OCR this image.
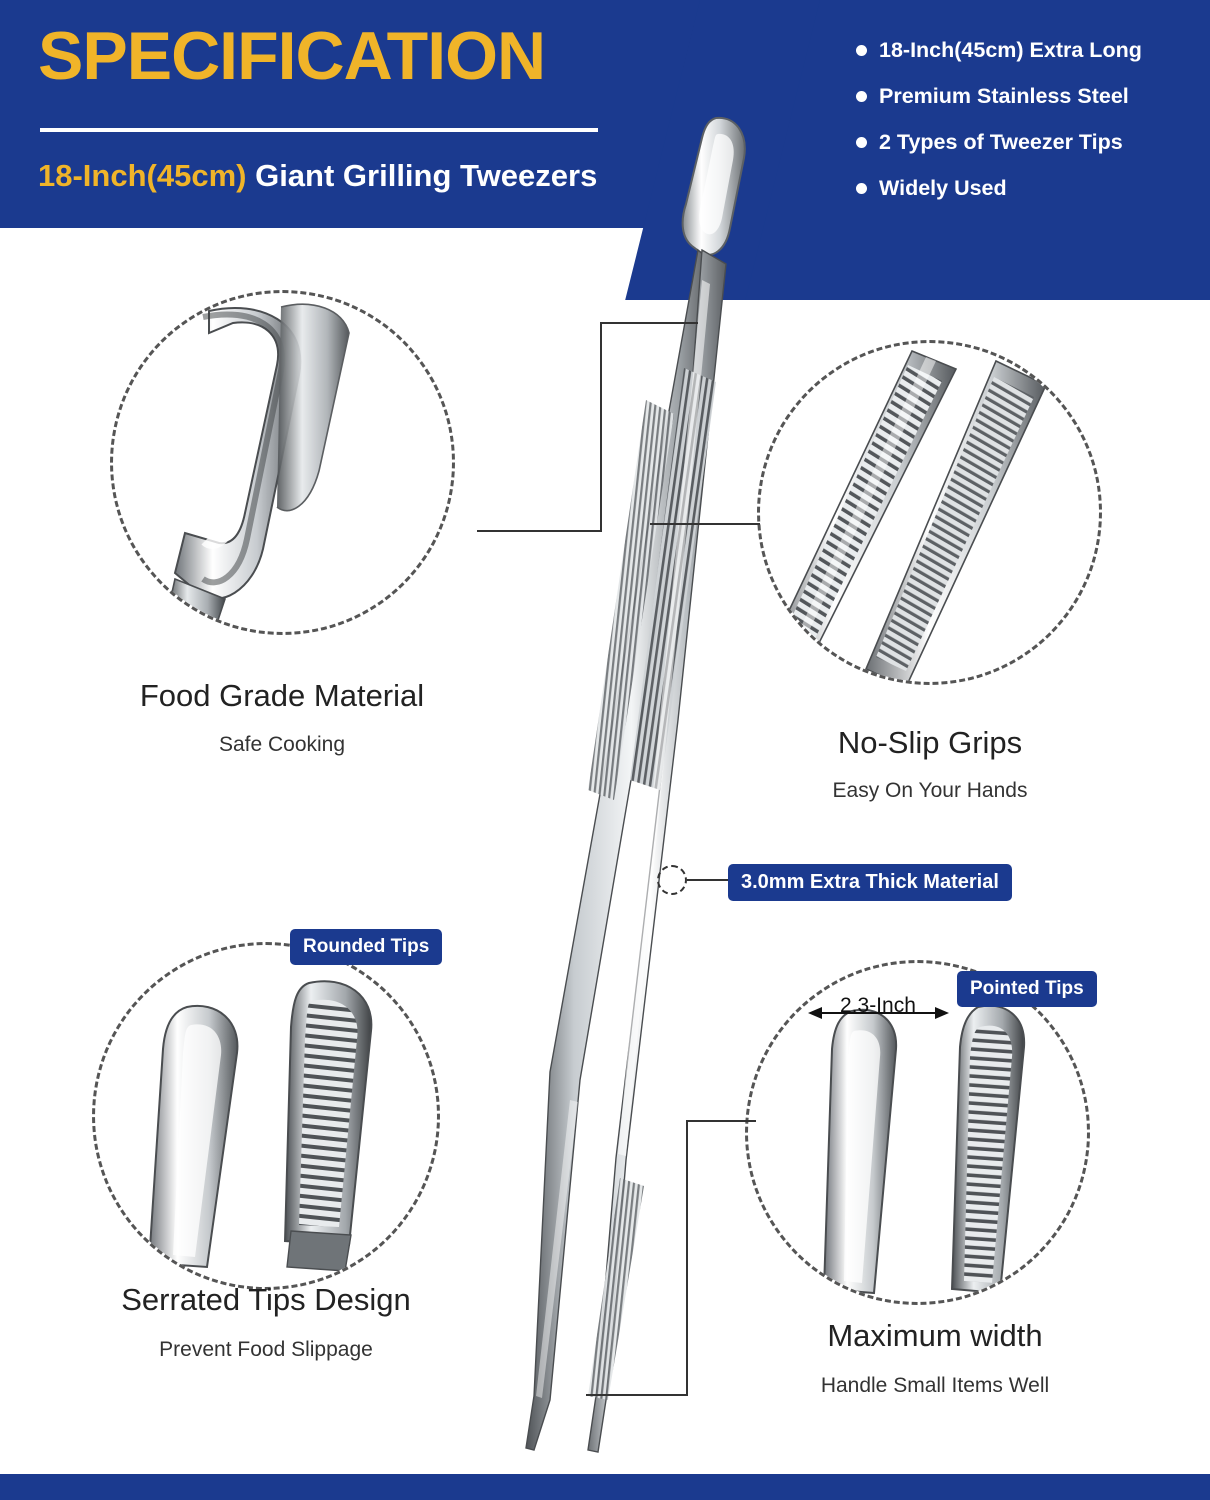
SPECIFICATION
18-Inch(45cm) Giant Grilling Tweezers
18-Inch(45cm) Extra Long
Premium Stainless Steel
2 Types of Tweezer Tips
Widely Used
Food Grade Material
Safe Cooking	No-Slip Grips
Easy On Your Hands
3.0mm Extra Thick Material
Rounded Tips
Serrated Tips Design
Prevent Food Slippage
Pointed Tips
2.3-Inch
Maximum width
Handle Small Items Well
